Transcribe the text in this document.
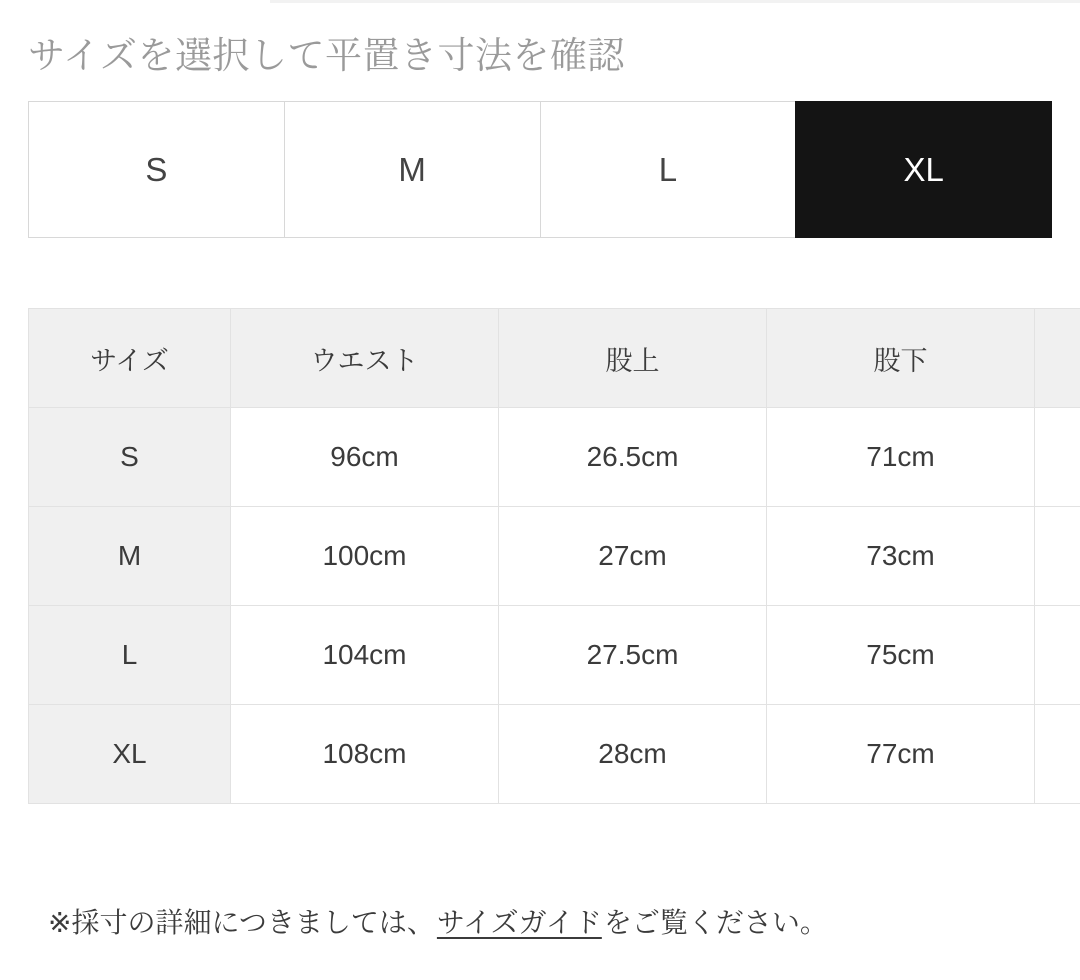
サイズを選択して平置き寸法を確認
S	M	L	XL
サイズ	ウエスト	股上	股下	
S	96cm	26.5cm	71cm	
M	100cm	27cm	73cm	
L	104cm	27.5cm	75cm	
XL	108cm	28cm	77cm	
※採寸の詳細につきましては、サイズガイドをご覧ください。
